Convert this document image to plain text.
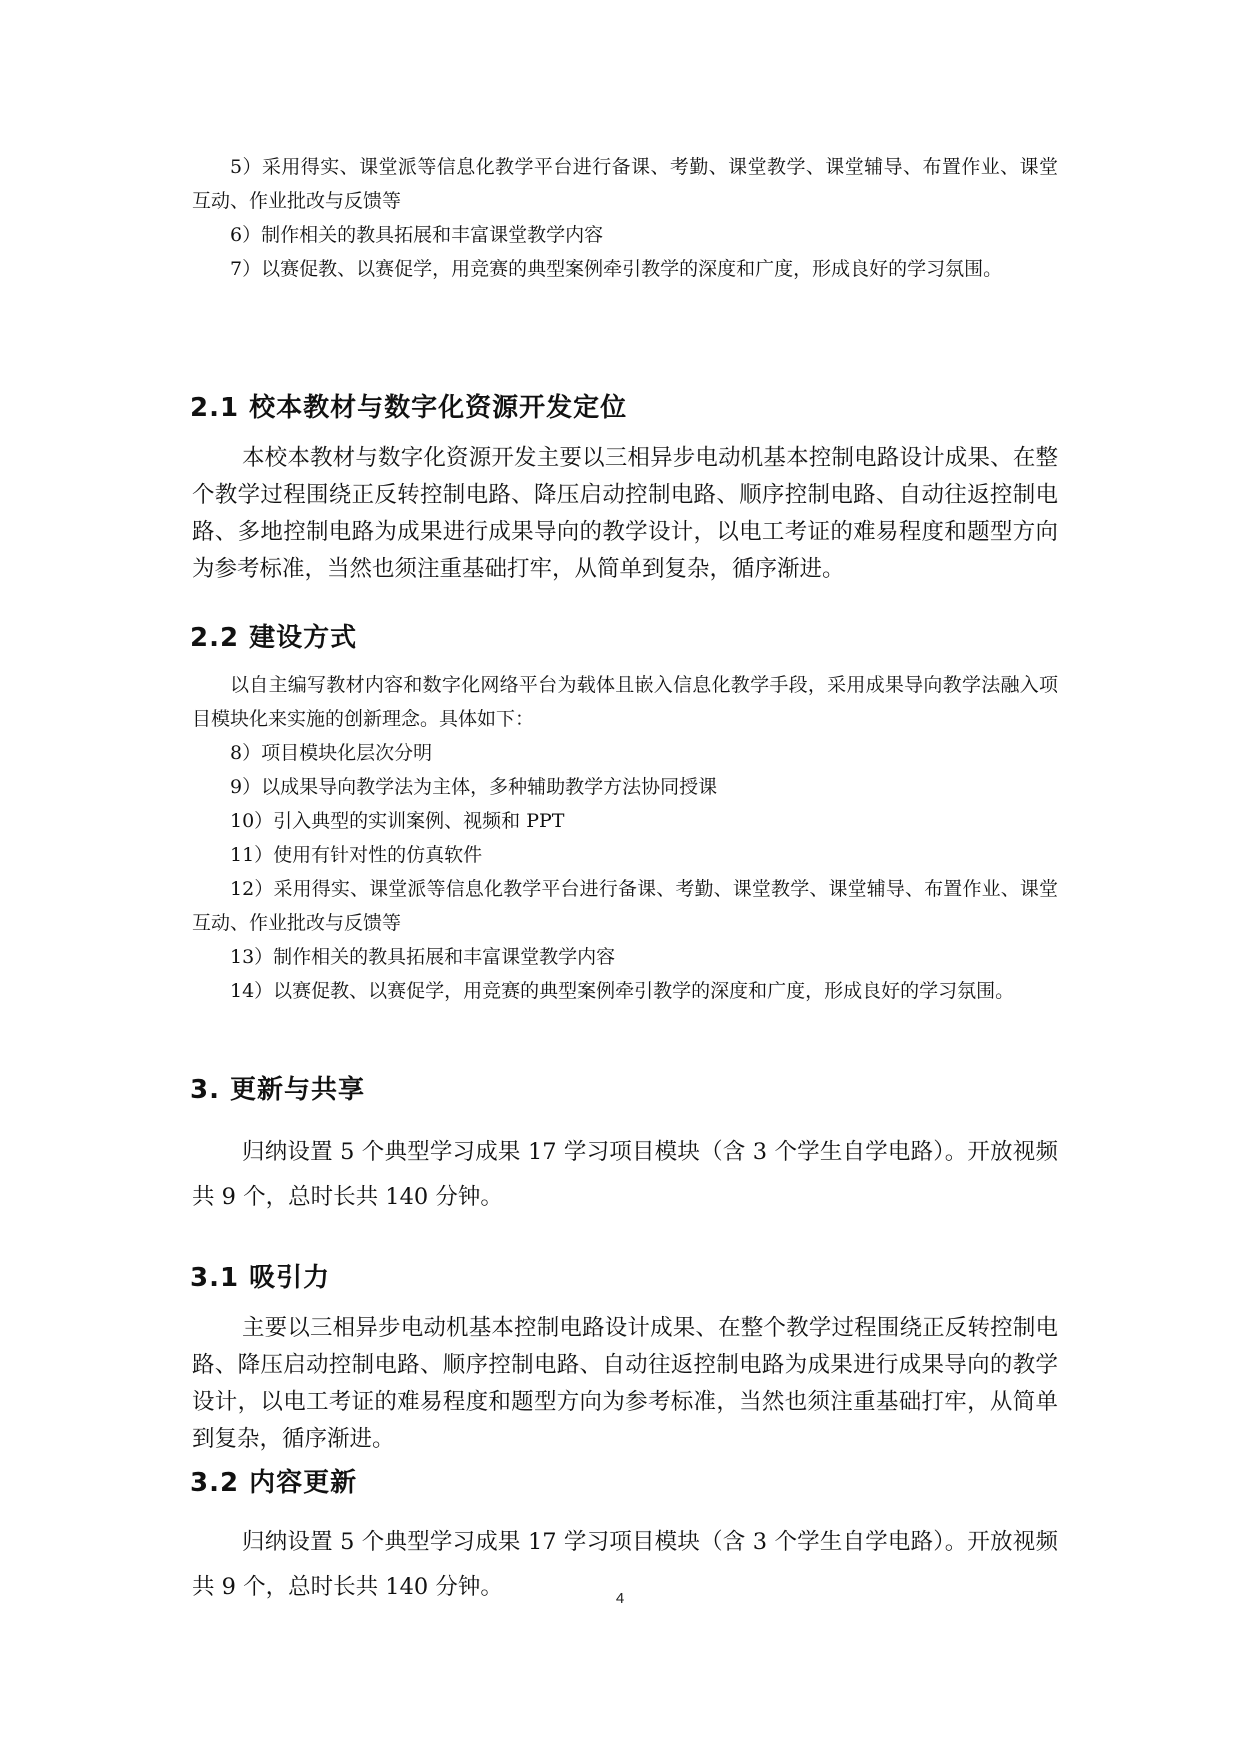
5）采用得实、课堂派等信息化教学平台进行备课、考勤、课堂教学、课堂辅导、布置作业、课堂互动、作业批改与反馈等

6）制作相关的教具拓展和丰富课堂教学内容

7）以赛促教、以赛促学，用竞赛的典型案例牵引教学的深度和广度，形成良好的学习氛围。

2.1 校本教材与数字化资源开发定位

本校本教材与数字化资源开发主要以三相异步电动机基本控制电路设计成果、在整个教学过程围绕正反转控制电路、降压启动控制电路、顺序控制电路、自动往返控制电路、多地控制电路为成果进行成果导向的教学设计，以电工考证的难易程度和题型方向为参考标准，当然也须注重基础打牢，从简单到复杂，循序渐进。

2.2 建设方式

以自主编写教材内容和数字化网络平台为载体且嵌入信息化教学手段，采用成果导向教学法融入项目模块化来实施的创新理念。具体如下：

8）项目模块化层次分明

9）以成果导向教学法为主体，多种辅助教学方法协同授课

10）引入典型的实训案例、视频和 PPT

11）使用有针对性的仿真软件

12）采用得实、课堂派等信息化教学平台进行备课、考勤、课堂教学、课堂辅导、布置作业、课堂互动、作业批改与反馈等

13）制作相关的教具拓展和丰富课堂教学内容

14）以赛促教、以赛促学，用竞赛的典型案例牵引教学的深度和广度，形成良好的学习氛围。

3. 更新与共享

归纳设置 5 个典型学习成果 17 学习项目模块（含 3 个学生自学电路）。开放视频共 9 个，总时长共 140 分钟。

3.1 吸引力

主要以三相异步电动机基本控制电路设计成果、在整个教学过程围绕正反转控制电路、降压启动控制电路、顺序控制电路、自动往返控制电路为成果进行成果导向的教学设计，以电工考证的难易程度和题型方向为参考标准，当然也须注重基础打牢，从简单到复杂，循序渐进。

3.2 内容更新

归纳设置 5 个典型学习成果 17 学习项目模块（含 3 个学生自学电路）。开放视频共 9 个，总时长共 140 分钟。	4
